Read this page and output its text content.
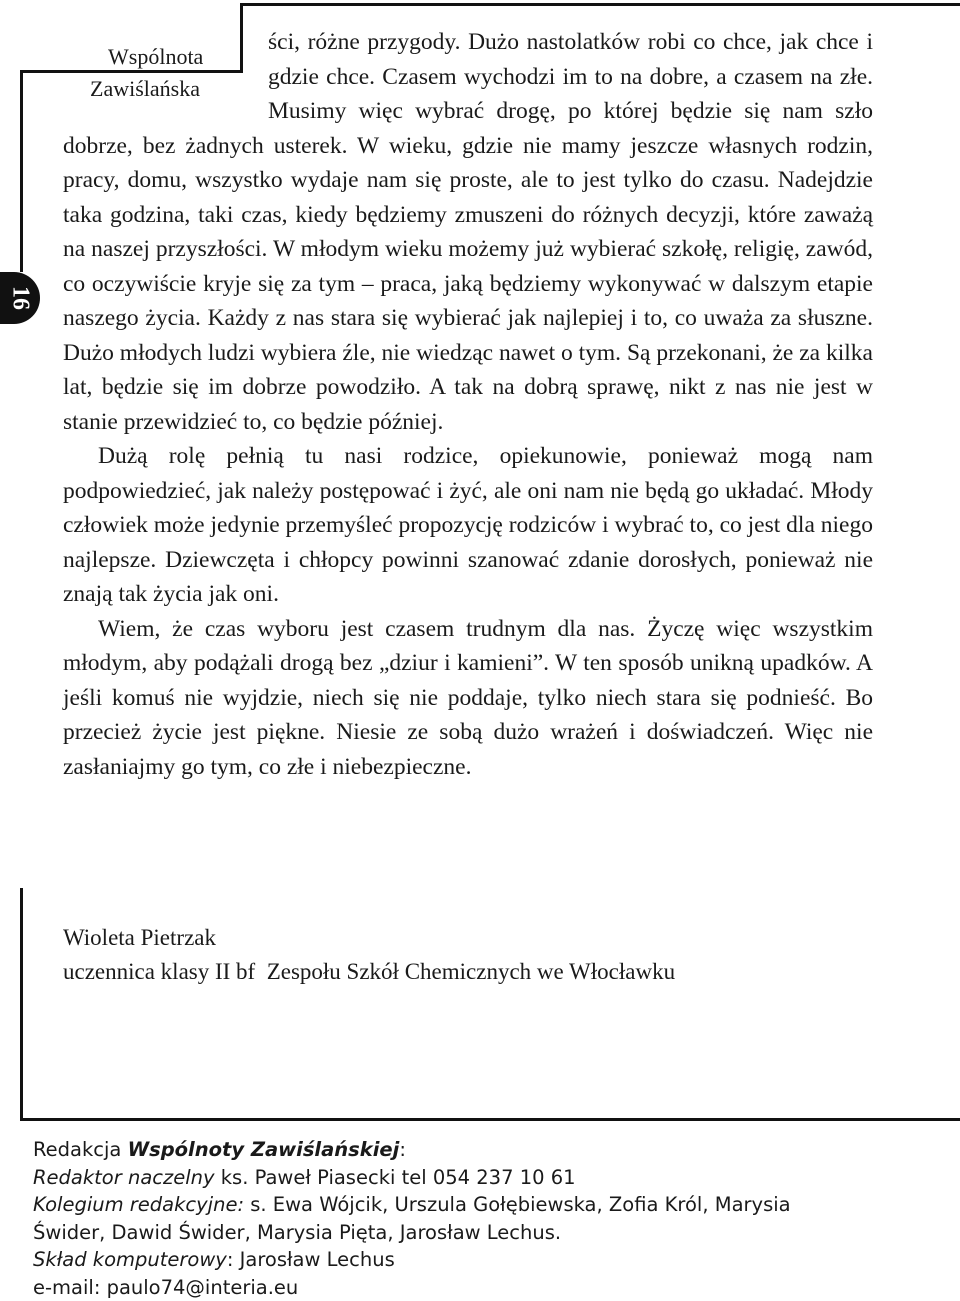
Wspólnota
Zawiślańska
16

ści, różne przygody. Dużo nastolatków robi co chce, jak chce i gdzie chce. Czasem wychodzi im to na dobre, a czasem na złe. Musimy więc wybrać drogę, po której będzie się nam szło dobrze, bez żadnych usterek. W wieku, gdzie nie mamy jeszcze własnych rodzin, pracy, domu, wszystko wydaje nam się proste, ale to jest tylko do czasu. Nadejdzie taka godzina, taki czas, kiedy będziemy zmuszeni do różnych decyzji, które zaważą na naszej przyszłości. W młodym wieku możemy już wybierać szkołę, religię, zawód, co oczywiście kryje się za tym – praca, jaką będziemy wykonywać w dalszym etapie naszego życia. Każdy z nas stara się wybierać jak najlepiej i to, co uważa za słuszne. Dużo młodych ludzi wybiera źle, nie wiedząc nawet o tym. Są przekonani, że za kilka lat, będzie się im dobrze powodziło. A tak na dobrą sprawę, nikt z nas nie jest w stanie przewidzieć to, co będzie później.

Dużą rolę pełnią tu nasi rodzice, opiekunowie, ponieważ mogą nam podpowiedzieć, jak należy postępować i żyć, ale oni nam nie będą go układać. Młody człowiek może jedynie przemyśleć propozycję rodziców i wybrać to, co jest dla niego najlepsze. Dziewczęta i chłopcy powinni szanować zdanie dorosłych, ponieważ nie znają tak życia jak oni.

Wiem, że czas wyboru jest czasem trudnym dla nas. Życzę więc wszystkim młodym, aby podążali drogą bez „dziur i kamieni”. W ten sposób unikną upadków. A jeśli komuś nie wyjdzie, niech się nie poddaje, tylko niech stara się podnieść. Bo przecież życie jest piękne. Niesie ze sobą dużo wrażeń i doświadczeń. Więc nie zasłaniajmy go tym, co złe i niebezpieczne.

Wioleta Pietrzak
uczennica klasy II bf  Zespołu Szkół Chemicznych we Włocławku
Redakcja Wspólnoty Zawiślańskiej:
Redaktor naczelny ks. Paweł Piasecki tel 054 237 10 61
Kolegium redakcyjne: s. Ewa Wójcik, Urszula Gołębiewska, Zofia Król, Marysia
Świder, Dawid Świder, Marysia Pięta, Jarosław Lechus.
Skład komputerowy: Jarosław Lechus
e-mail: paulo74@interia.eu
